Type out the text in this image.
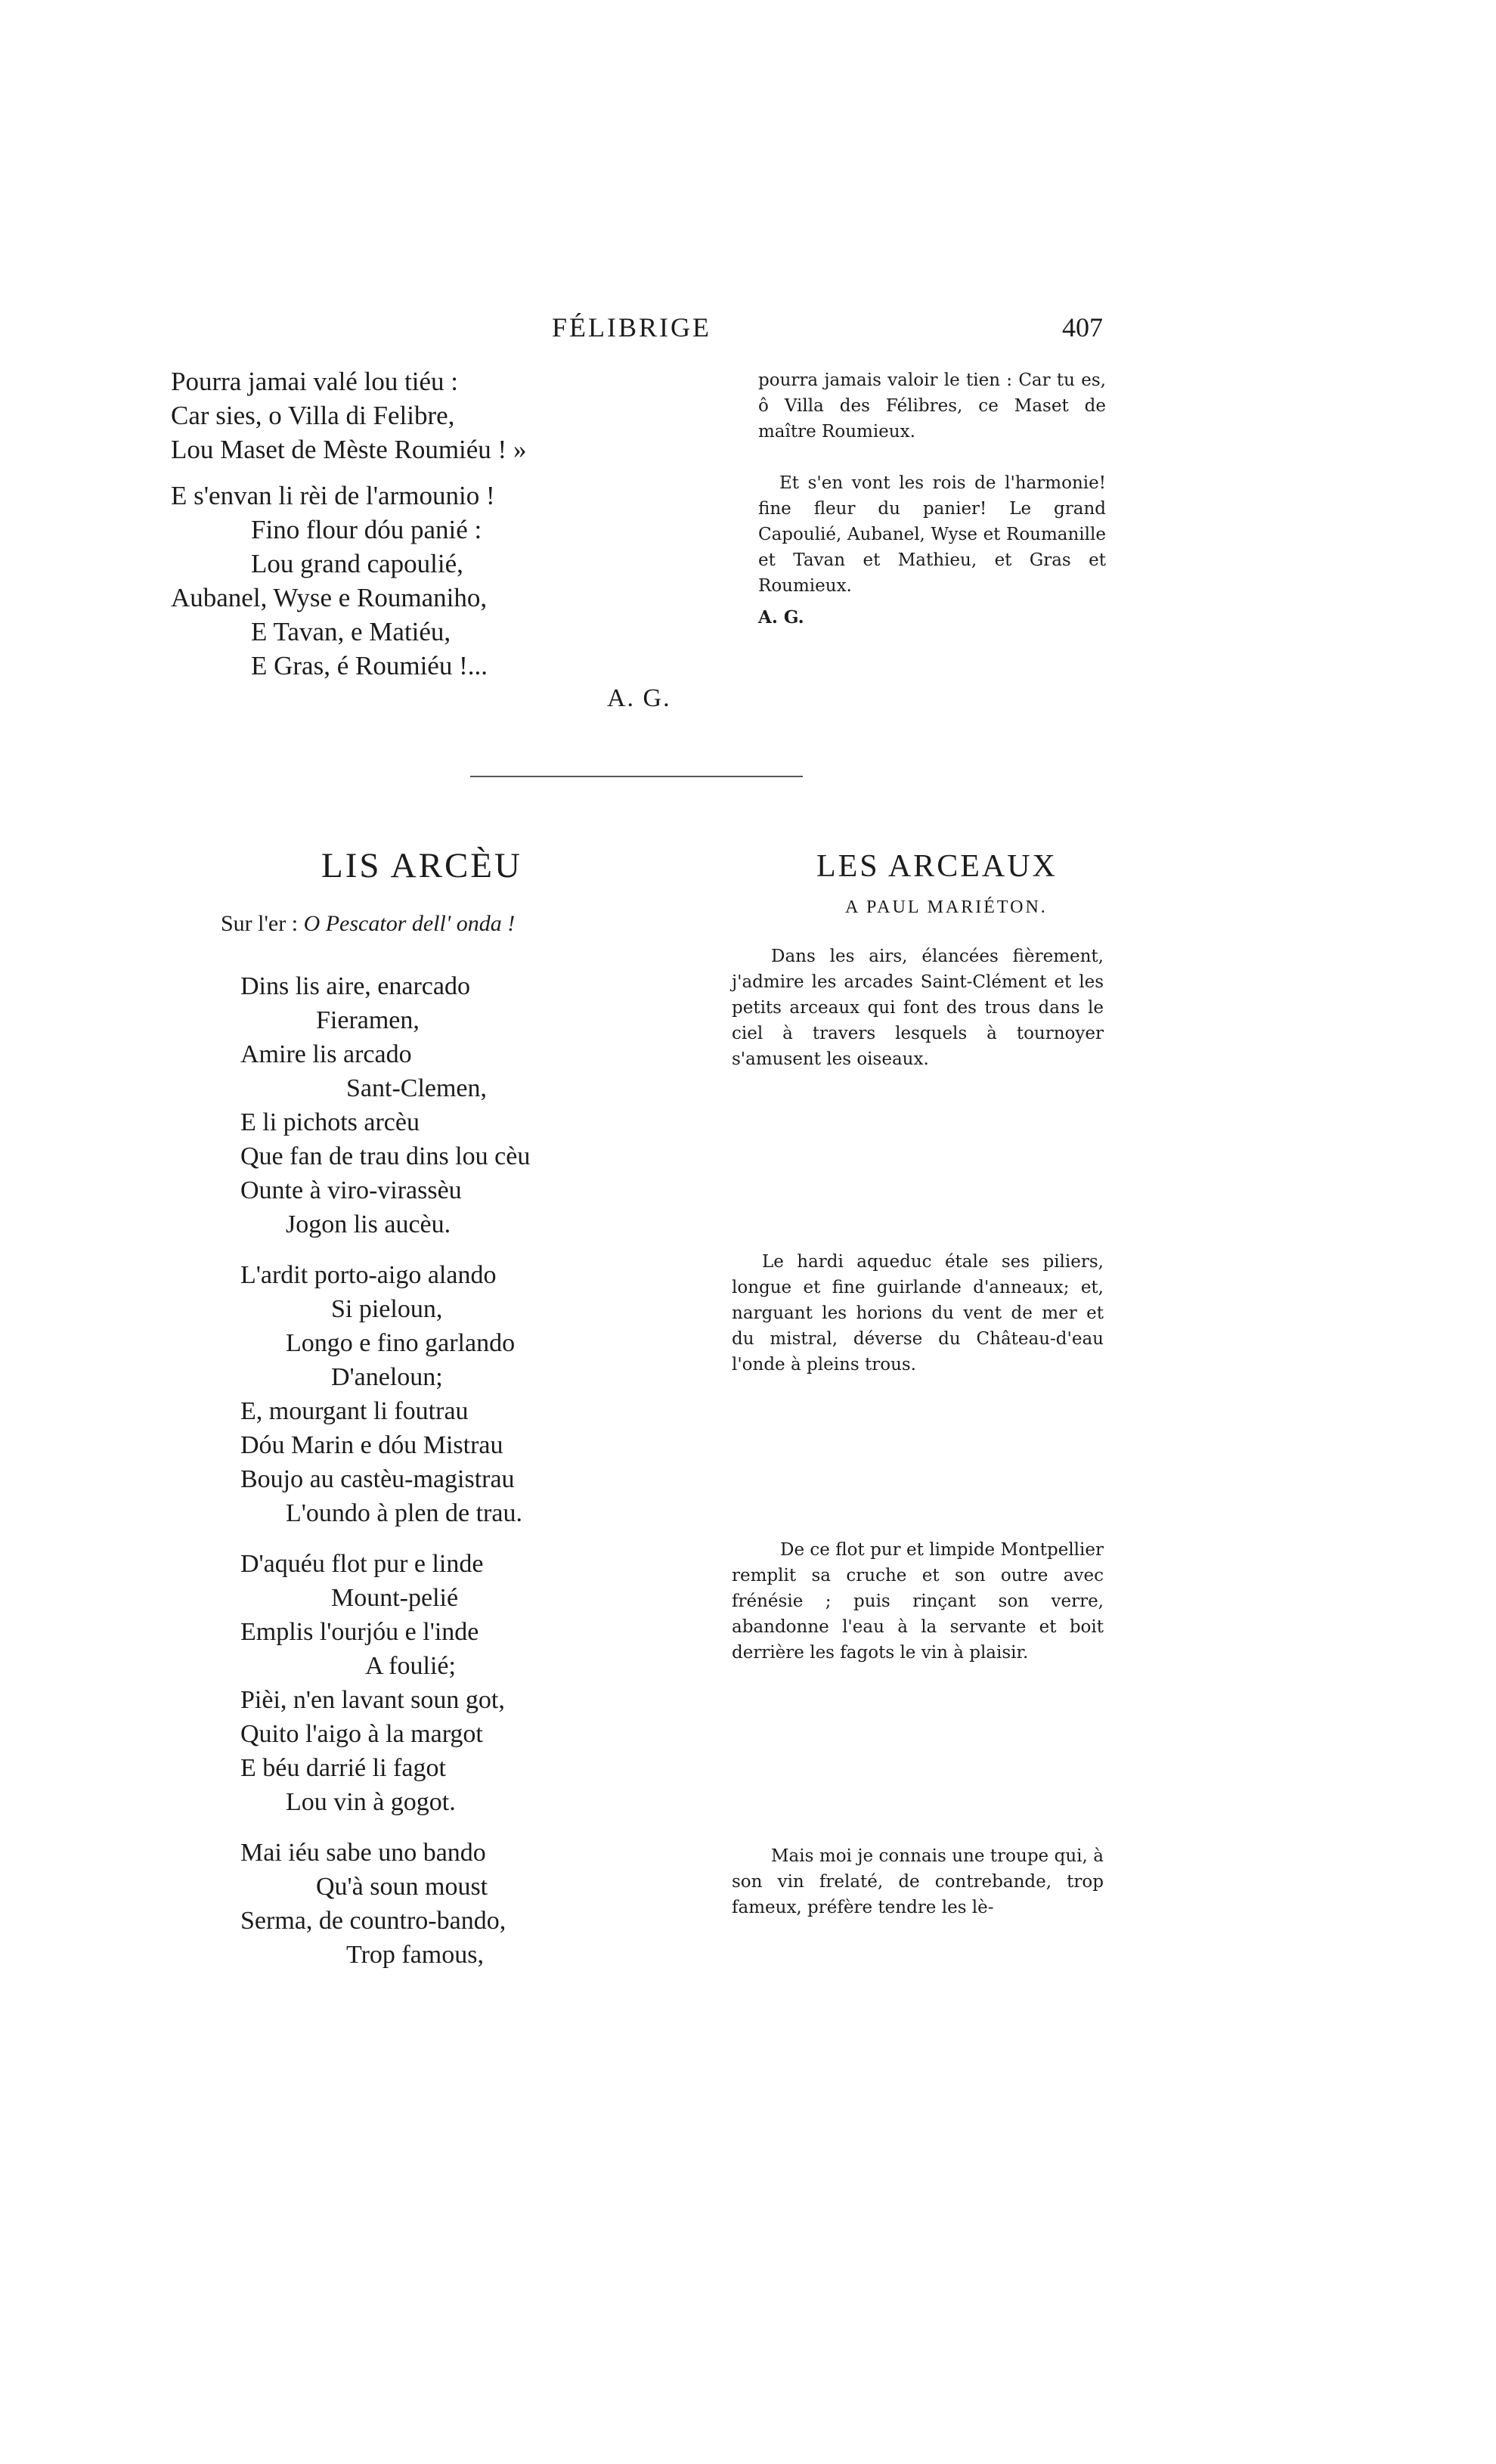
FÉLIBRIGE	407
Pourra jamai valé lou tiéu :
Car sies, o Villa di Felibre,
Lou Maset de Mèste Roumiéu ! »
E s'envan li rèi de l'armounio !
Fino flour dóu panié :
Lou grand capoulié,
Aubanel, Wyse e Roumaniho,
E Tavan, e Matiéu,
E Gras, é Roumiéu !...
A. G.
pourra jamais valoir le tien : Car tu es, ô Villa des Félibres, ce Maset de maître Roumieux.
Et s'en vont les rois de l'harmonie! fine fleur du panier! Le grand Capoulié, Aubanel, Wyse et Roumanille et Tavan et Mathieu, et Gras et Roumieux.
A. G.
LIS ARCÈU
Sur l'er : O Pescator dell' onda !
LES ARCEAUX
A PAUL MARIÉTON.
Dins lis aire, enarcado
Fieramen,
Amire lis arcado
Sant-Clemen,
E li pichots arcèu
Que fan de trau dins lou cèu
Ounte à viro-virassèu
Jogon lis aucèu.
L'ardit porto-aigo alando
Si pieloun,
Longo e fino garlando
D'aneloun;
E, mourgant li foutrau
Dóu Marin e dóu Mistrau
Boujo au castèu-magistrau
L'oundo à plen de trau.
D'aquéu flot pur e linde
Mount-pelié
Emplis l'ourjóu e l'inde
A foulié;
Pièi, n'en lavant soun got,
Quito l'aigo à la margot
E béu darrié li fagot
Lou vin à gogot.
Mai iéu sabe uno bando
Qu'à soun moust
Serma, de countro-bando,
Trop famous,
Dans les airs, élancées fièrement, j'admire les arcades Saint-Clément et les petits arceaux qui font des trous dans le ciel à travers lesquels à tournoyer s'amusent les oiseaux.
Le hardi aqueduc étale ses piliers, longue et fine guirlande d'anneaux; et, narguant les horions du vent de mer et du mistral, déverse du Château-d'eau l'onde à pleins trous.
De ce flot pur et limpide Montpellier remplit sa cruche et son outre avec frénésie ; puis rinçant son verre, abandonne l'eau à la servante et boit derrière les fagots le vin à plaisir.
Mais moi je connais une troupe qui, à son vin frelaté, de contrebande, trop fameux, préfère tendre les lè-
